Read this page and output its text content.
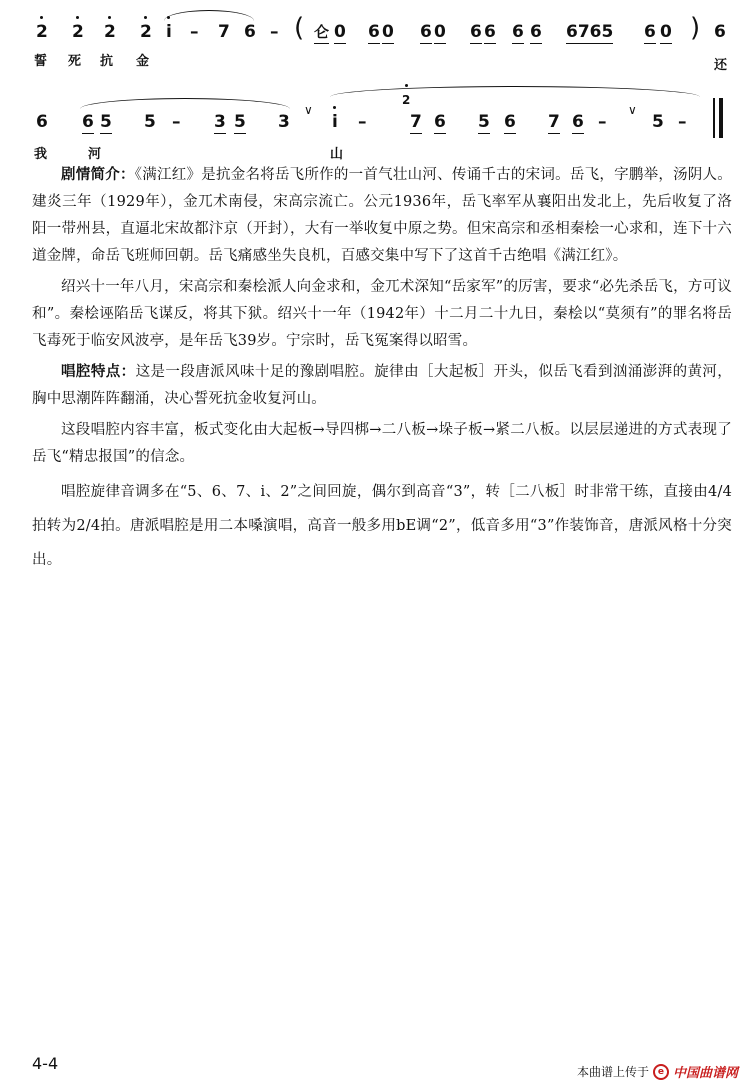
2 2 2 2 i – 7 6 – ( 仑 0 6 0 6 0 6 6 6 6 6765 6 0 ) 6
誓 死 抗 金	还
6 6 5 5 – 3 5 3
∨
i –
2
7 6 5 6 7 6 –
∨
5 –
我	河	山

剧情简介：《满江红》是抗金名将岳飞所作的一首气壮山河、传诵千古的宋词。岳飞，字鹏举，汤阴人。建炎三年（1929年），金兀术南侵，宋高宗流亡。公元1936年，岳飞率军从襄阳出发北上，先后收复了洛阳一带州县，直逼北宋故都汴京（开封），大有一举收复中原之势。但宋高宗和丞相秦桧一心求和，连下十六道金牌，命岳飞班师回朝。岳飞痛感坐失良机，百感交集中写下了这首千古绝唱《满江红》。

绍兴十一年八月，宋高宗和秦桧派人向金求和，金兀术深知“岳家军”的厉害，要求“必先杀岳飞，方可议和”。秦桧诬陷岳飞谋反，将其下狱。绍兴十一年（1942年）十二月二十九日，秦桧以“莫须有”的罪名将岳飞毒死于临安风波亭，是年岳飞39岁。宁宗时，岳飞冤案得以昭雪。

唱腔特点：这是一段唐派风味十足的豫剧唱腔。旋律由［大起板］开头，似岳飞看到汹涌澎湃的黄河，胸中思潮阵阵翻涌，决心誓死抗金收复河山。

这段唱腔内容丰富，板式变化由大起板→导四梆→二八板→垛子板→紧二八板。以层层递进的方式表现了岳飞“精忠报国”的信念。

唱腔旋律音调多在“5、6、7、i、2”之间回旋，偶尔到高音“3”，转［二八板］时非常干练，直接由4/4拍转为2/4拍。唐派唱腔是用二本嗓演唱，高音一般多用bE调“2”，低音多用“3”作装饰音，唐派风格十分突出。

4-4	本曲谱上传于 e 中国曲谱网
